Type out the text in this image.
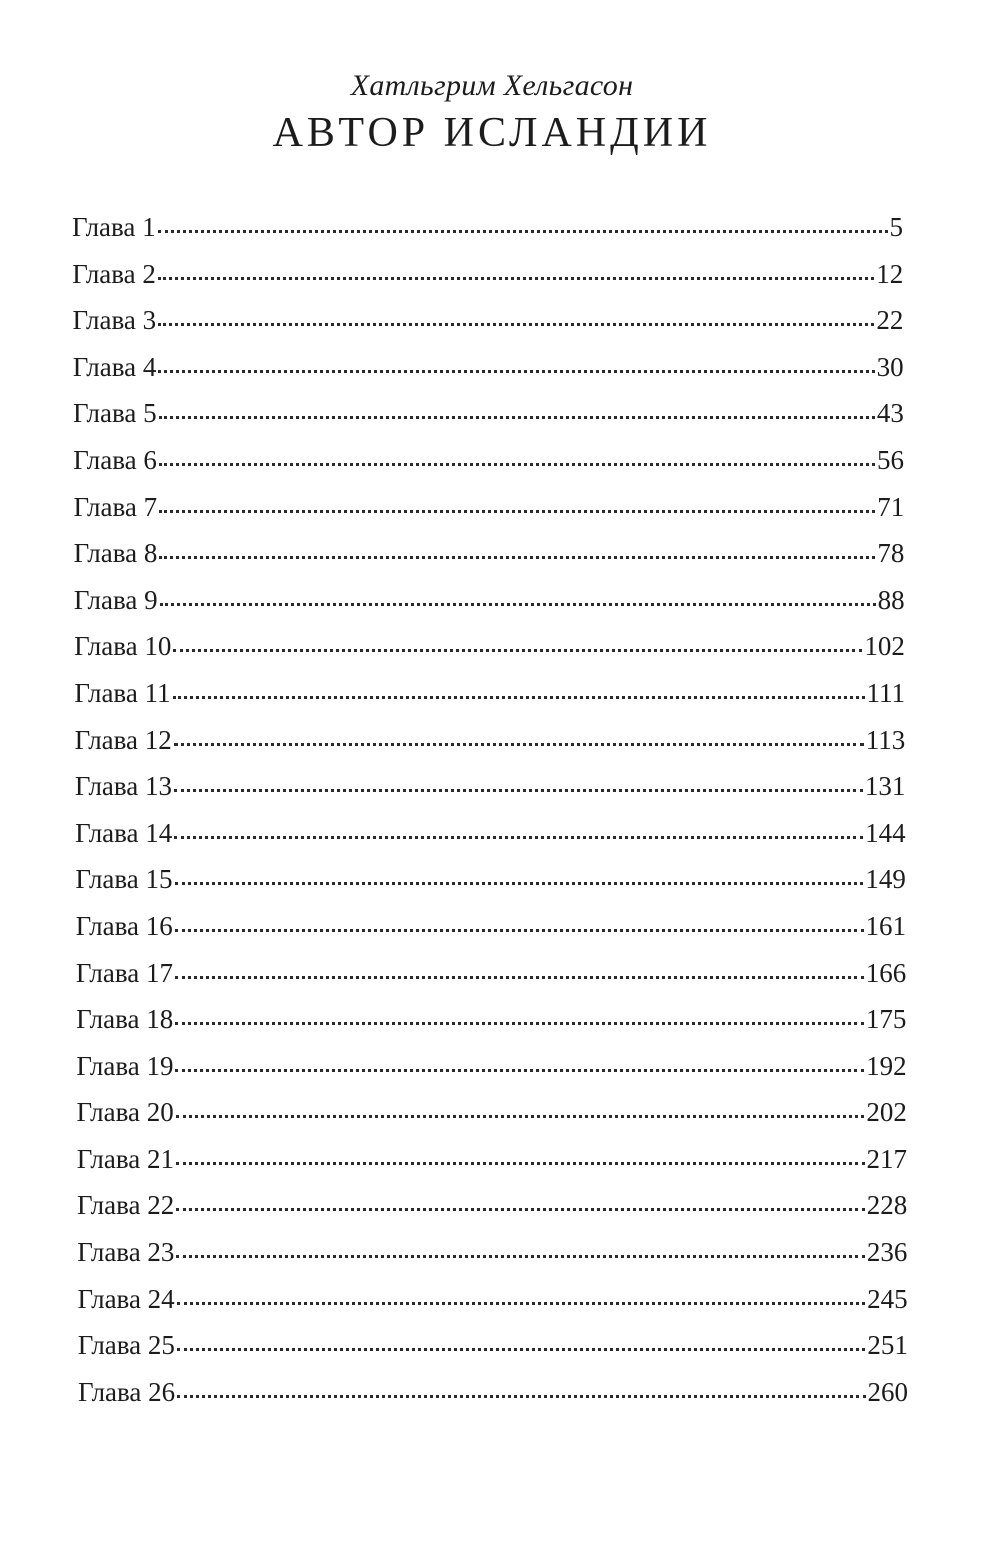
Хатльгрим Хельгасон
АВТОР ИСЛАНДИИ
Глава 1	5
Глава 2	12
Глава 3	22
Глава 4	30
Глава 5	43
Глава 6	56
Глава 7	71
Глава 8	78
Глава 9	88
Глава 10	102
Глава 11	111
Глава 12	113
Глава 13	131
Глава 14	144
Глава 15	149
Глава 16	161
Глава 17	166
Глава 18	175
Глава 19	192
Глава 20	202
Глава 21	217
Глава 22	228
Глава 23	236
Глава 24	245
Глава 25	251
Глава 26	260
